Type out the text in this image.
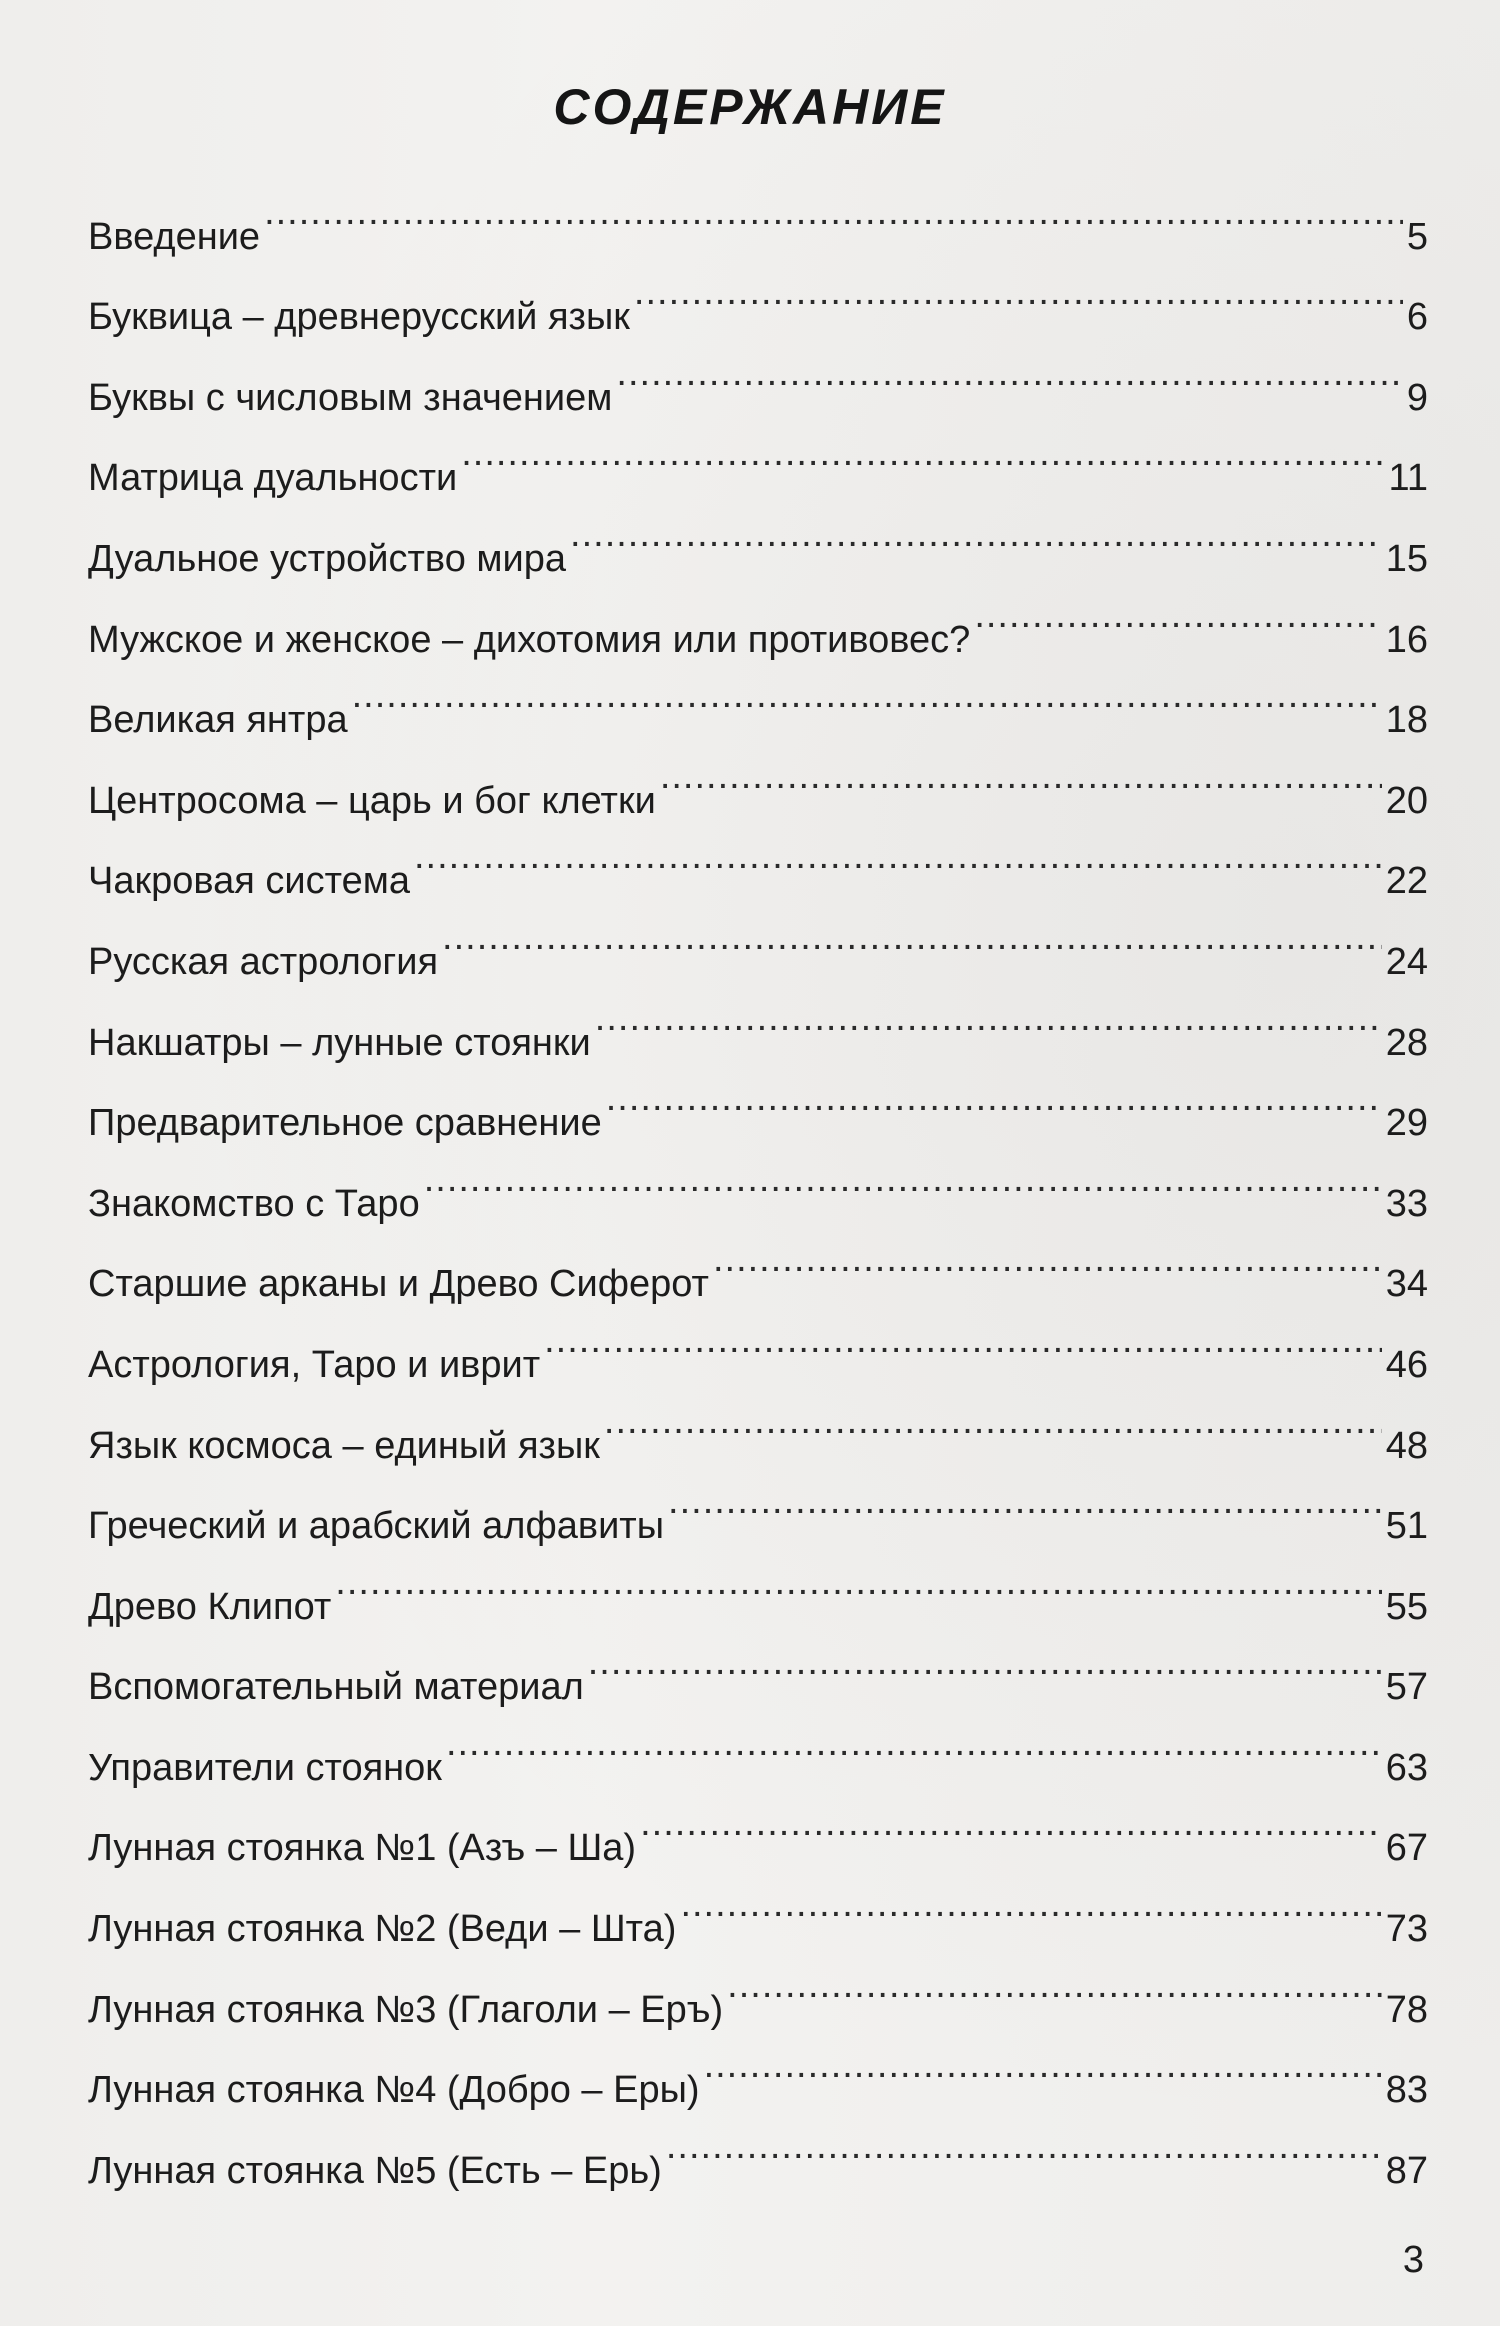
СОДЕРЖАНИЕ
Введение .....	5
Буквица – древнерусский язык .....	6
Буквы с числовым значением .....	9
Матрица дуальности .....	11
Дуальное устройство мира .....	15
Мужское и женское – дихотомия или противовес? .....	16
Великая янтра .....	18
Центросома – царь и бог клетки .....	20
Чакровая система .....	22
Русская астрология .....	24
Накшатры – лунные стоянки .....	28
Предварительное сравнение .....	29
Знакомство с Таро .....	33
Старшие арканы и Древо Сиферот .....	34
Астрология, Таро и иврит .....	46
Язык космоса – единый язык .....	48
Греческий и арабский алфавиты .....	51
Древо Клипот .....	55
Вспомогательный материал .....	57
Управители стоянок .....	63
Лунная стоянка №1 (Азъ – Ша) .....	67
Лунная стоянка №2 (Веди – Шта) .....	73
Лунная стоянка №3 (Глаголи – Еръ) .....	78
Лунная стоянка №4 (Добро – Еры) .....	83
Лунная стоянка №5 (Есть – Ерь) .....	87
3
